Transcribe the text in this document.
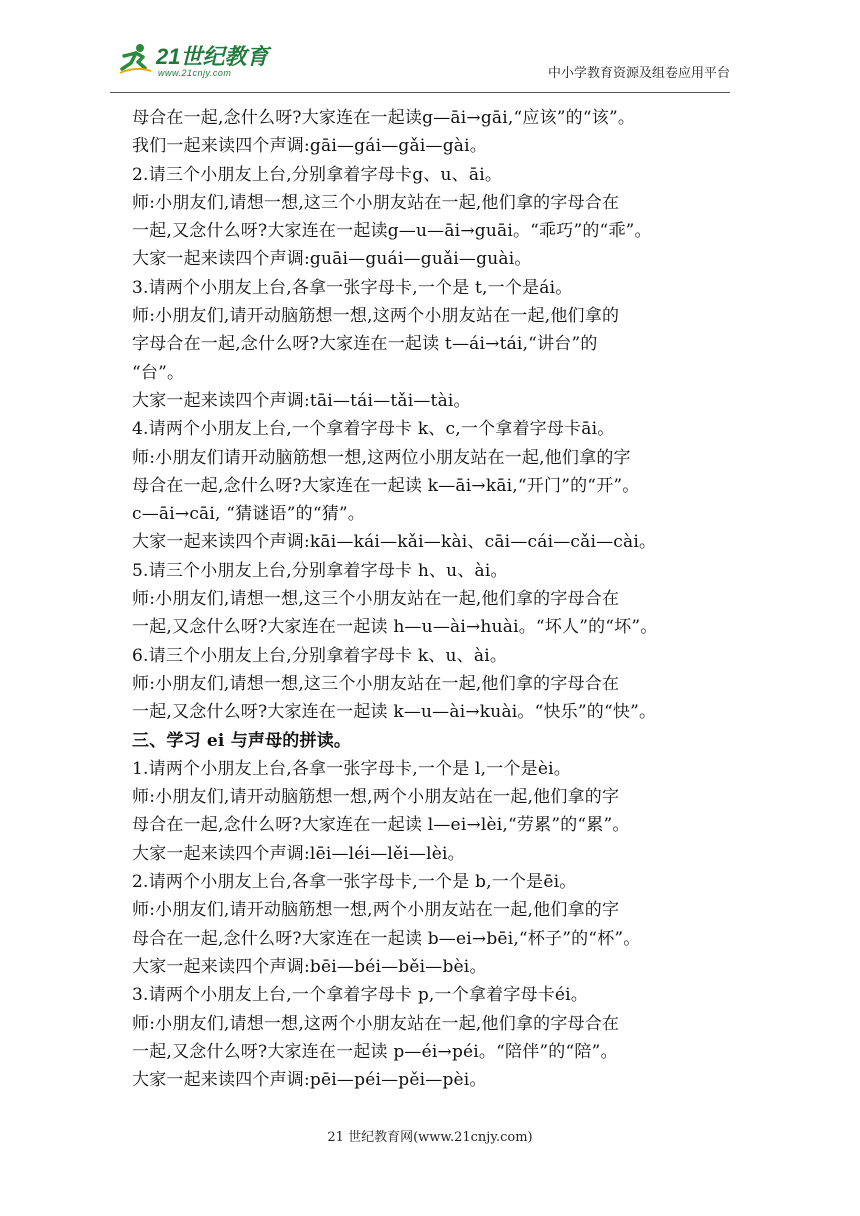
21世纪教育
www.21cnjy.com	中小学教育资源及组卷应用平台
母合在一起,念什么呀?大家连在一起读g—āi→gāi,“应该”的“该”。
我们一起来读四个声调:gāi—gái—gǎi—gài。
2.请三个小朋友上台,分别拿着字母卡g、u、āi。
师:小朋友们,请想一想,这三个小朋友站在一起,他们拿的字母合在
一起,又念什么呀?大家连在一起读g—u—āi→guāi。“乖巧”的“乖”。
大家一起来读四个声调:guāi—guái—guǎi—guài。
3.请两个小朋友上台,各拿一张字母卡,一个是 t,一个是ái。
师:小朋友们,请开动脑筋想一想,这两个小朋友站在一起,他们拿的
字母合在一起,念什么呀?大家连在一起读 t—ái→tái,“讲台”的
“台”。
大家一起来读四个声调:tāi—tái—tǎi—tài。
4.请两个小朋友上台,一个拿着字母卡 k、c,一个拿着字母卡āi。
师:小朋友们请开动脑筋想一想,这两位小朋友站在一起,他们拿的字
母合在一起,念什么呀?大家连在一起读 k—āi→kāi,“开门”的“开”。
c—āi→cāi, “猜谜语”的“猜”。
大家一起来读四个声调:kāi—kái—kǎi—kài、cāi—cái—cǎi—cài。
5.请三个小朋友上台,分别拿着字母卡 h、u、ài。
师:小朋友们,请想一想,这三个小朋友站在一起,他们拿的字母合在
一起,又念什么呀?大家连在一起读 h—u—ài→huài。“坏人”的“坏”。
6.请三个小朋友上台,分别拿着字母卡 k、u、ài。
师:小朋友们,请想一想,这三个小朋友站在一起,他们拿的字母合在
一起,又念什么呀?大家连在一起读 k—u—ài→kuài。“快乐”的“快”。
三、学习 ei 与声母的拼读。
1.请两个小朋友上台,各拿一张字母卡,一个是 l,一个是èi。
师:小朋友们,请开动脑筋想一想,两个小朋友站在一起,他们拿的字
母合在一起,念什么呀?大家连在一起读 l—ei→lèi,“劳累”的“累”。
大家一起来读四个声调:lēi—léi—lěi—lèi。
2.请两个小朋友上台,各拿一张字母卡,一个是 b,一个是ēi。
师:小朋友们,请开动脑筋想一想,两个小朋友站在一起,他们拿的字
母合在一起,念什么呀?大家连在一起读 b—ei→bēi,“杯子”的“杯”。
大家一起来读四个声调:bēi—béi—běi—bèi。
3.请两个小朋友上台,一个拿着字母卡 p,一个拿着字母卡éi。
师:小朋友们,请想一想,这两个小朋友站在一起,他们拿的字母合在
一起,又念什么呀?大家连在一起读 p—éi→péi。“陪伴”的“陪”。
大家一起来读四个声调:pēi—péi—pěi—pèi。
21 世纪教育网(www.21cnjy.com)
